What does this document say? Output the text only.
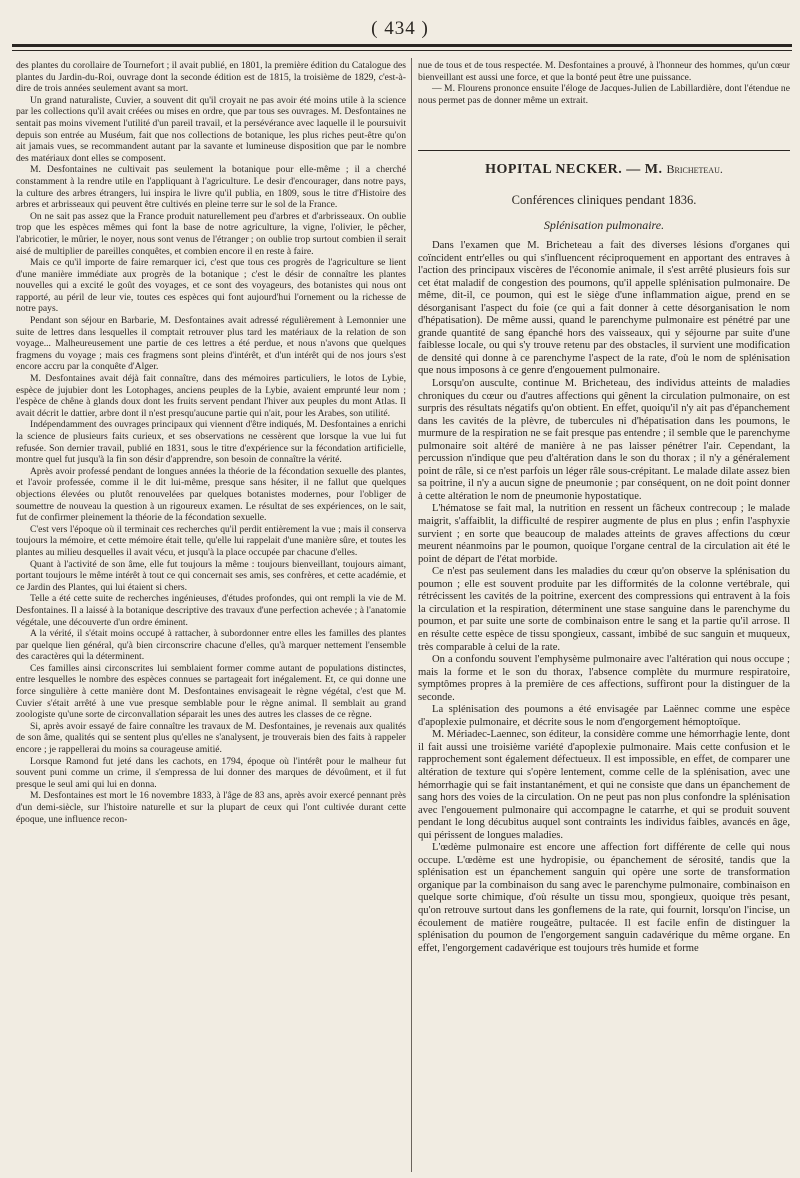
( 434 )

des plantes du corollaire de Tournefort ; il avait publié, en 1801, la première édition du Catalogue des plantes du Jardin-du-Roi, ouvrage dont la seconde édition est de 1815, la troisième de 1829, c'est-à-dire de trois années seulement avant sa mort.

Un grand naturaliste, Cuvier, a souvent dit qu'il croyait ne pas avoir été moins utile à la science par les collections qu'il avait créées ou mises en ordre, que par tous ses ouvrages. M. Desfontaines ne sentait pas moins vivement l'utilité d'un pareil travail, et la persévérance avec laquelle il le poursuivit depuis son entrée au Muséum, fait que nos collections de botanique, les plus riches peut-être qu'on ait jamais vues, se recommandent autant par la savante et lumineuse disposition que par le nombre des matériaux dont elles se composent.

M. Desfontaines ne cultivait pas seulement la botanique pour elle-même ; il a cherché constamment à la rendre utile en l'appliquant à l'agriculture. Le desir d'encourager, dans notre pays, la culture des arbres étrangers, lui inspira le livre qu'il publia, en 1809, sous le titre d'Histoire des arbres et arbrisseaux qui peuvent être cultivés en pleine terre sur le sol de la France.

On ne sait pas assez que la France produit naturellement peu d'arbres et d'arbrisseaux. On oublie trop que les espèces mêmes qui font la base de notre agriculture, la vigne, l'olivier, le pêcher, l'abricotier, le mûrier, le noyer, nous sont venus de l'étranger ; on oublie trop surtout combien il serait aisé de multiplier de pareilles conquêtes, et combien encore il en reste à faire.

Mais ce qu'il importe de faire remarquer ici, c'est que tous ces progrès de l'agriculture se lient d'une manière immédiate aux progrès de la botanique ; c'est le désir de connaître les plantes nouvelles qui a excité le goût des voyages, et ce sont des voyageurs, des botanistes qui nous ont rapporté, au péril de leur vie, toutes ces espèces qui font aujourd'hui l'ornement ou la richesse de notre pays.

Pendant son séjour en Barbarie, M. Desfontaines avait adressé régulièrement à Lemonnier une suite de lettres dans lesquelles il comptait retrouver plus tard les matériaux de la relation de son voyage... Malheureusement une partie de ces lettres a été perdue, et nous n'avons que quelques fragmens du voyage ; mais ces fragmens sont pleins d'intérêt, et d'un intérêt qui de nos jours s'est encore accru par la conquête d'Alger.

M. Desfontaines avait déjà fait connaître, dans des mémoires particuliers, le lotos de Lybie, espèce de jujubier dont les Lotophages, anciens peuples de la Lybie, avaient emprunté leur nom ; l'espèce de chêne à glands doux dont les fruits servent pendant l'hiver aux peuples du mont Atlas. Il avait décrit le dattier, arbre dont il n'est presqu'aucune partie qui n'ait, pour les Arabes, son utilité.

Indépendamment des ouvrages principaux qui viennent d'être indiqués, M. Desfontaines a enrichi la science de plusieurs faits curieux, et ses observations ne cessèrent que lorsque la vue lui fut refusée. Son dernier travail, publié en 1831, sous le titre d'expérience sur la fécondation artificielle, montre quel fut jusqu'à la fin son désir d'apprendre, son besoin de connaître la vérité.

Après avoir professé pendant de longues années la théorie de la fécondation sexuelle des plantes, et l'avoir professée, comme il le dit lui-même, presque sans hésiter, il ne fallut que quelques objections élevées ou plutôt renouvelées par quelques botanistes modernes, pour l'obliger de soumettre de nouveau la question à un rigoureux examen. Le résultat de ses expériences, on le sait, fut de confirmer pleinement la théorie de la fécondation sexuelle.

C'est vers l'époque où il terminait ces recherches qu'il perdit entièrement la vue ; mais il conserva toujours la mémoire, et cette mémoire était telle, qu'elle lui rappelait d'une manière sûre, et toutes les plantes au milieu desquelles il avait vécu, et jusqu'à la place occupée par chacune d'elles.

Quant à l'activité de son âme, elle fut toujours la même : toujours bienveillant, toujours aimant, portant toujours le même intérêt à tout ce qui concernait ses amis, ses confrères, et cette académie, et ce Jardin des Plantes, qui lui étaient si chers.

Telle a été cette suite de recherches ingénieuses, d'études profondes, qui ont rempli la vie de M. Desfontaines. Il a laissé à la botanique descriptive des travaux d'une perfection achevée ; à l'anatomie végétale, une découverte d'un ordre éminent.

A la vérité, il s'était moins occupé à rattacher, à subordonner entre elles les familles des plantes par quelque lien général, qu'à bien circonscrire chacune d'elles, qu'à marquer nettement l'ensemble des caractères qui la déterminent.

Ces familles ainsi circonscrites lui semblaient former comme autant de populations distinctes, entre lesquelles le nombre des espèces connues se partageait fort inégalement. Et, ce qui donne une force singulière à cette manière dont M. Desfontaines envisageait le règne végétal, c'est que M. Cuvier s'était arrêté à une vue presque semblable pour le règne animal. Il semblait au grand zoologiste qu'une sorte de circonvallation séparait les unes des autres les classes de ce règne.

Si, après avoir essayé de faire connaître les travaux de M. Desfontaines, je revenais aux qualités de son âme, qualités qui se sentent plus qu'elles ne s'analysent, je trouverais bien des faits à rappeler encore ; je rappellerai du moins sa courageuse amitié.

Lorsque Ramond fut jeté dans les cachots, en 1794, époque où l'intérêt pour le malheur fut souvent puni comme un crime, il s'empressa de lui donner des marques de dévoûment, et il fut presque le seul ami qui lui en donna.

M. Desfontaines est mort le 16 novembre 1833, à l'âge de 83 ans, après avoir exercé pennant près d'un demi-siècle, sur l'histoire naturelle et sur la plupart de ceux qui l'ont cultivée durant cette époque, une influence recon-

nue de tous et de tous respectée. M. Desfontaines a prouvé, à l'honneur des hommes, qu'un cœur bienveillant est aussi une force, et que la bonté peut être une puissance.

— M. Flourens prononce ensuite l'éloge de Jacques-Julien de Labillardière, dont l'étendue ne nous permet pas de donner même un extrait.

HOPITAL NECKER. — M. Bricheteau.
Conférences cliniques pendant 1836.
Splénisation pulmonaire.

Dans l'examen que M. Bricheteau a fait des diverses lésions d'organes qui coïncident entr'elles ou qui s'influencent réciproquement en apportant des entraves à l'action des principaux viscères de l'économie animale, il s'est arrêté plusieurs fois sur cet état maladif de congestion des poumons, qu'il appelle splénisation pulmonaire. De même, dit-il, ce poumon, qui est le siège d'une inflammation aigue, prend en se désorganisant l'aspect du foie (ce qui a fait donner à cette désorganisation le nom d'hépatisation). De même aussi, quand le parenchyme pulmonaire est pénétré par une grande quantité de sang épanché hors des vaisseaux, qui y séjourne par suite d'une faiblesse locale, ou qui s'y trouve retenu par des obstacles, il survient une modification de densité qui donne à ce parenchyme l'aspect de la rate, d'où le nom de splénisation que nous imposons à ce genre d'engouement pulmonaire.

Lorsqu'on ausculte, continue M. Bricheteau, des individus atteints de maladies chroniques du cœur ou d'autres affections qui gênent la circulation pulmonaire, on est surpris des résultats négatifs qu'on obtient. En effet, quoiqu'il n'y ait pas d'épanchement dans les cavités de la plèvre, de tubercules ni d'hépatisation dans les poumons, le murmure de la respiration ne se fait presque pas entendre ; il semble que le parenchyme pulmonaire soit altéré de manière à ne pas laisser pénétrer l'air. Cependant, la percussion n'indique que peu d'altération dans le son du thorax ; il n'y a généralement point de râle, si ce n'est parfois un léger râle sous-crépitant. Le malade dilate assez bien sa poitrine, il n'y a aucun signe de pneumonie ; par conséquent, on ne doit point donner à cette altération le nom de pneumonie hypostatique.

L'hématose se fait mal, la nutrition en ressent un fâcheux contrecoup ; le malade maigrit, s'affaiblit, la difficulté de respirer augmente de plus en plus ; enfin l'asphyxie survient ; en sorte que beaucoup de malades atteints de graves affections du cœur meurent néanmoins par le poumon, quoique l'organe central de la circulation ait été le point de départ de l'état morbide.

Ce n'est pas seulement dans les maladies du cœur qu'on observe la splénisation du poumon ; elle est souvent produite par les difformités de la colonne vertébrale, qui rétrécissent les cavités de la poitrine, exercent des compressions qui entravent à la fois la circulation et la respiration, déterminent une stase sanguine dans le parenchyme du poumon, et par suite une sorte de combinaison entre le sang et la partie qu'il arrose. Il en résulte cette espèce de tissu spongieux, cassant, imbibé de suc sanguin et muqueux, très comparable à celui de la rate.

On a confondu souvent l'emphysème pulmonaire avec l'altération qui nous occupe ; mais la forme et le son du thorax, l'absence complète du murmure respiratoire, symptômes propres à la première de ces affections, suffiront pour la distinguer de la seconde.

La splénisation des poumons a été envisagée par Laënnec comme une espèce d'apoplexie pulmonaire, et décrite sous le nom d'engorgement hémoptoïque.

M. Mériadec-Laennec, son éditeur, la considère comme une hémorrhagie lente, dont il fait aussi une troisième variété d'apoplexie pulmonaire. Mais cette confusion et le rapprochement sont également défectueux. Il est impossible, en effet, de comparer une altération de texture qui s'opère lentement, comme celle de la splénisation, avec une hémorrhagie qui se fait instantanément, et qui ne consiste que dans un épanchement de sang hors des voies de la circulation. On ne peut pas non plus confondre la splénisation avec l'engouement pulmonaire qui accompagne le catarrhe, et qui se produit souvent pendant le long décubitus auquel sont contraints les individus faibles, avancés en âge, qui périssent de longues maladies.

L'œdème pulmonaire est encore une affection fort différente de celle qui nous occupe. L'œdème est une hydropisie, ou épanchement de sérosité, tandis que la splénisation est un épanchement sanguin qui opère une sorte de transformation organique par la combinaison du sang avec le parenchyme pulmonaire, combinaison en quelque sorte chimique, d'où résulte un tissu mou, spongieux, quoique très pesant, qu'on retrouve surtout dans les gonflemens de la rate, qui fournit, lorsqu'on l'incise, un écoulement de matière rougeâtre, pultacée. Il est facile enfin de distinguer la splénisation du poumon de l'engorgement sanguin cadavérique du même organe. En effet, l'engorgement cadavérique est toujours très humide et forme
